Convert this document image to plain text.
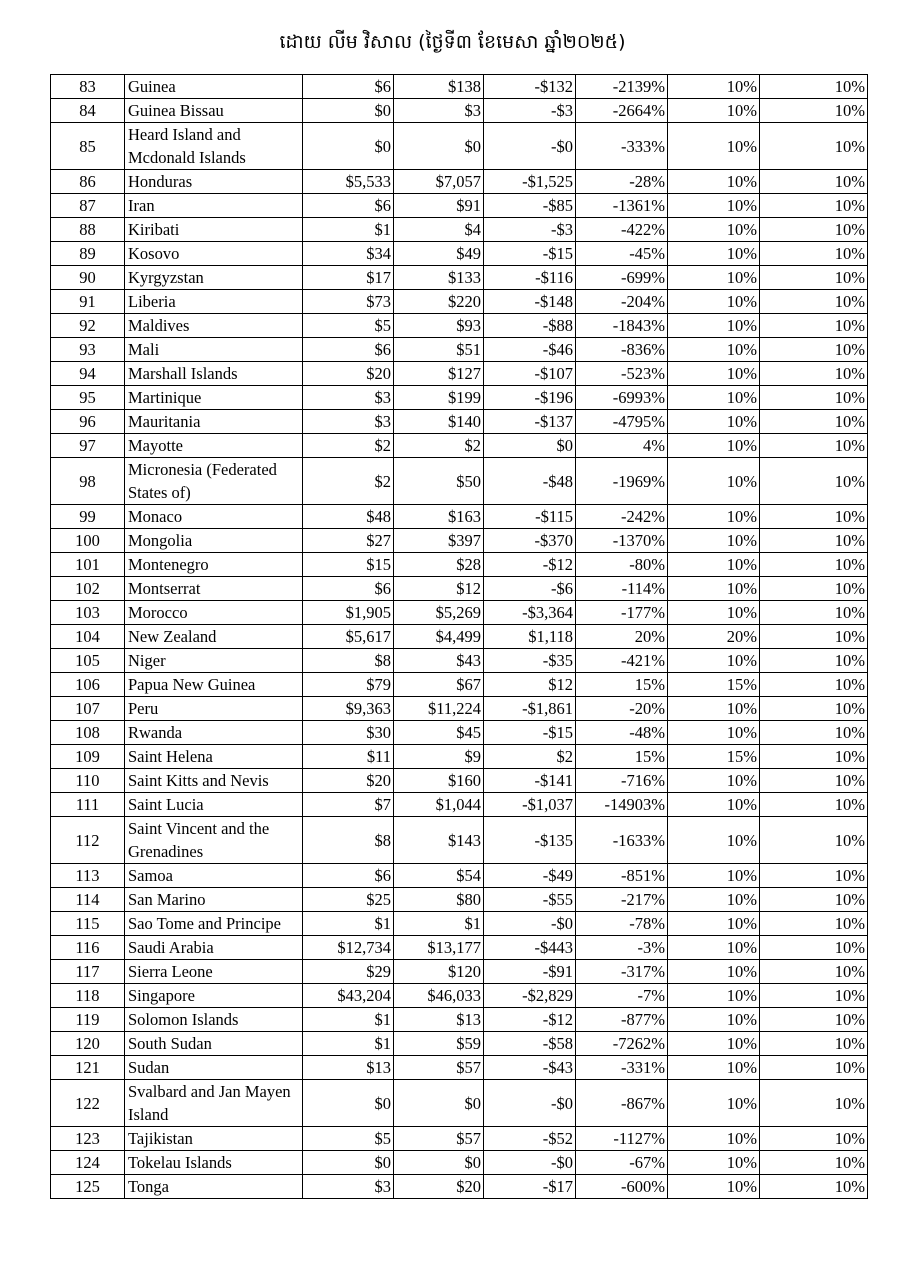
ដោយ លីម វិសាល (ថ្ងៃទី៣ ខែមេសា ឆ្នាំ២០២៥)
83	Guinea	$6	$138	-$132	-2139%	10%	10%
84	Guinea Bissau	$0	$3	-$3	-2664%	10%	10%
85	Heard Island and Mcdonald Islands	$0	$0	-$0	-333%	10%	10%
86	Honduras	$5,533	$7,057	-$1,525	-28%	10%	10%
87	Iran	$6	$91	-$85	-1361%	10%	10%
88	Kiribati	$1	$4	-$3	-422%	10%	10%
89	Kosovo	$34	$49	-$15	-45%	10%	10%
90	Kyrgyzstan	$17	$133	-$116	-699%	10%	10%
91	Liberia	$73	$220	-$148	-204%	10%	10%
92	Maldives	$5	$93	-$88	-1843%	10%	10%
93	Mali	$6	$51	-$46	-836%	10%	10%
94	Marshall Islands	$20	$127	-$107	-523%	10%	10%
95	Martinique	$3	$199	-$196	-6993%	10%	10%
96	Mauritania	$3	$140	-$137	-4795%	10%	10%
97	Mayotte	$2	$2	$0	4%	10%	10%
98	Micronesia (Federated States of)	$2	$50	-$48	-1969%	10%	10%
99	Monaco	$48	$163	-$115	-242%	10%	10%
100	Mongolia	$27	$397	-$370	-1370%	10%	10%
101	Montenegro	$15	$28	-$12	-80%	10%	10%
102	Montserrat	$6	$12	-$6	-114%	10%	10%
103	Morocco	$1,905	$5,269	-$3,364	-177%	10%	10%
104	New Zealand	$5,617	$4,499	$1,118	20%	20%	10%
105	Niger	$8	$43	-$35	-421%	10%	10%
106	Papua New Guinea	$79	$67	$12	15%	15%	10%
107	Peru	$9,363	$11,224	-$1,861	-20%	10%	10%
108	Rwanda	$30	$45	-$15	-48%	10%	10%
109	Saint Helena	$11	$9	$2	15%	15%	10%
110	Saint Kitts and Nevis	$20	$160	-$141	-716%	10%	10%
111	Saint Lucia	$7	$1,044	-$1,037	-14903%	10%	10%
112	Saint Vincent and the Grenadines	$8	$143	-$135	-1633%	10%	10%
113	Samoa	$6	$54	-$49	-851%	10%	10%
114	San Marino	$25	$80	-$55	-217%	10%	10%
115	Sao Tome and Principe	$1	$1	-$0	-78%	10%	10%
116	Saudi Arabia	$12,734	$13,177	-$443	-3%	10%	10%
117	Sierra Leone	$29	$120	-$91	-317%	10%	10%
118	Singapore	$43,204	$46,033	-$2,829	-7%	10%	10%
119	Solomon Islands	$1	$13	-$12	-877%	10%	10%
120	South Sudan	$1	$59	-$58	-7262%	10%	10%
121	Sudan	$13	$57	-$43	-331%	10%	10%
122	Svalbard and Jan Mayen Island	$0	$0	-$0	-867%	10%	10%
123	Tajikistan	$5	$57	-$52	-1127%	10%	10%
124	Tokelau Islands	$0	$0	-$0	-67%	10%	10%
125	Tonga	$3	$20	-$17	-600%	10%	10%
